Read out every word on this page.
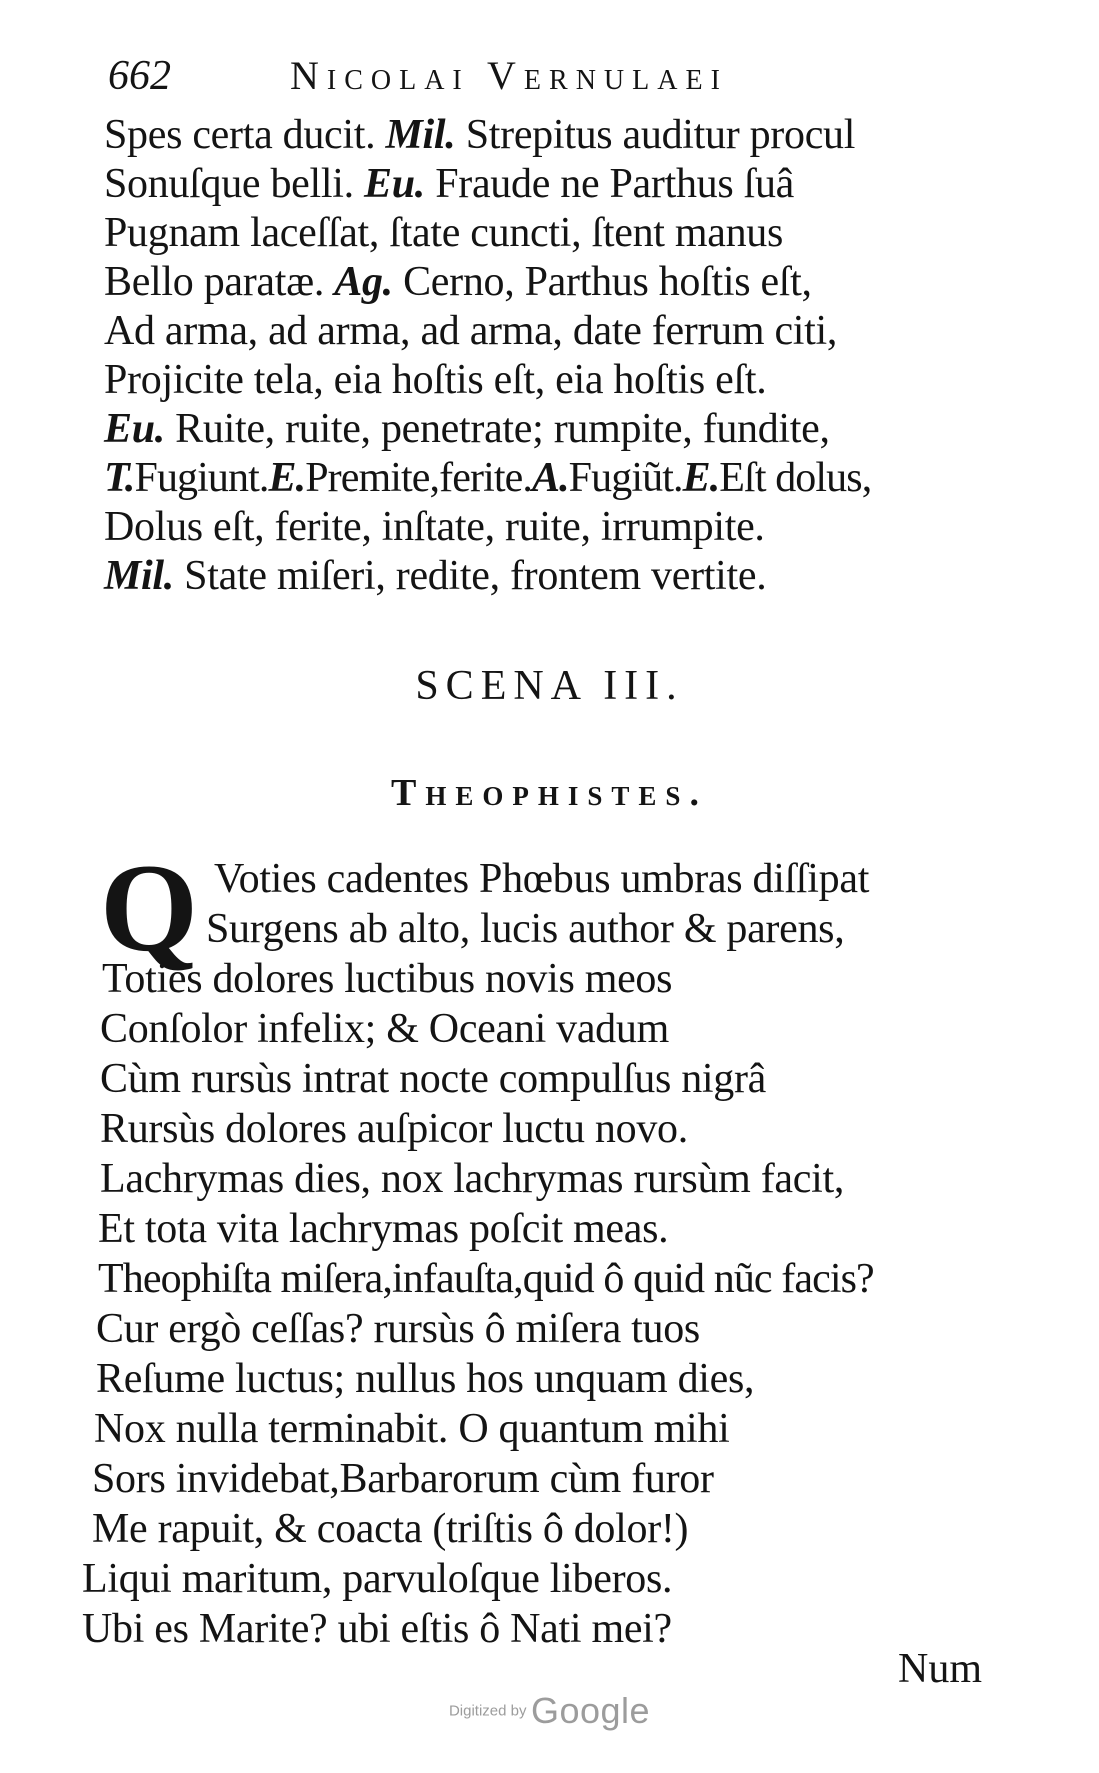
662	Nicolai Vernulaei
Spes certa ducit. Mil. Strepitus auditur procul
Sonuſque belli. Eu. Fraude ne Parthus ſuâ
Pugnam laceſſat, ſtate cuncti, ſtent manus
Bello paratæ. Ag. Cerno, Parthus hoſtis eſt,
Ad arma, ad arma, ad arma, date ferrum citi,
Projicite tela, eia hoſtis eſt, eia hoſtis eſt.
Eu. Ruite, ruite, penetrate; rumpite, fundite,
T.Fugiunt.E.Premite,ferite.A.Fugiũt.E.Eſt dolus,
Dolus eſt, ferite, inſtate, ruite, irrumpite.
Mil. State miſeri, redite, frontem vertite.
SCENA III.
Theophistes.
Q Voties cadentes Phœbus umbras diſſipat
Surgens ab alto, lucis author & parens,
Toties dolores luctibus novis meos
Conſolor infelix; & Oceani vadum
Cùm rursùs intrat nocte compulſus nigrâ
Rursùs dolores auſpicor luctu novo.
Lachrymas dies, nox lachrymas rursùm facit,
Et tota vita lachrymas poſcit meas.
Theophiſta miſera,infauſta,quid ô quid nũc facis?
Cur ergò ceſſas? rursùs ô miſera tuos
Reſume luctus; nullus hos unquam dies,
Nox nulla terminabit. O quantum mihi
Sors invidebat,Barbarorum cùm furor
Me rapuit, & coacta (triſtis ô dolor!)
Liqui maritum, parvuloſque liberos.
Ubi es Marite? ubi eſtis ô Nati mei?
Num
Digitized by Google
